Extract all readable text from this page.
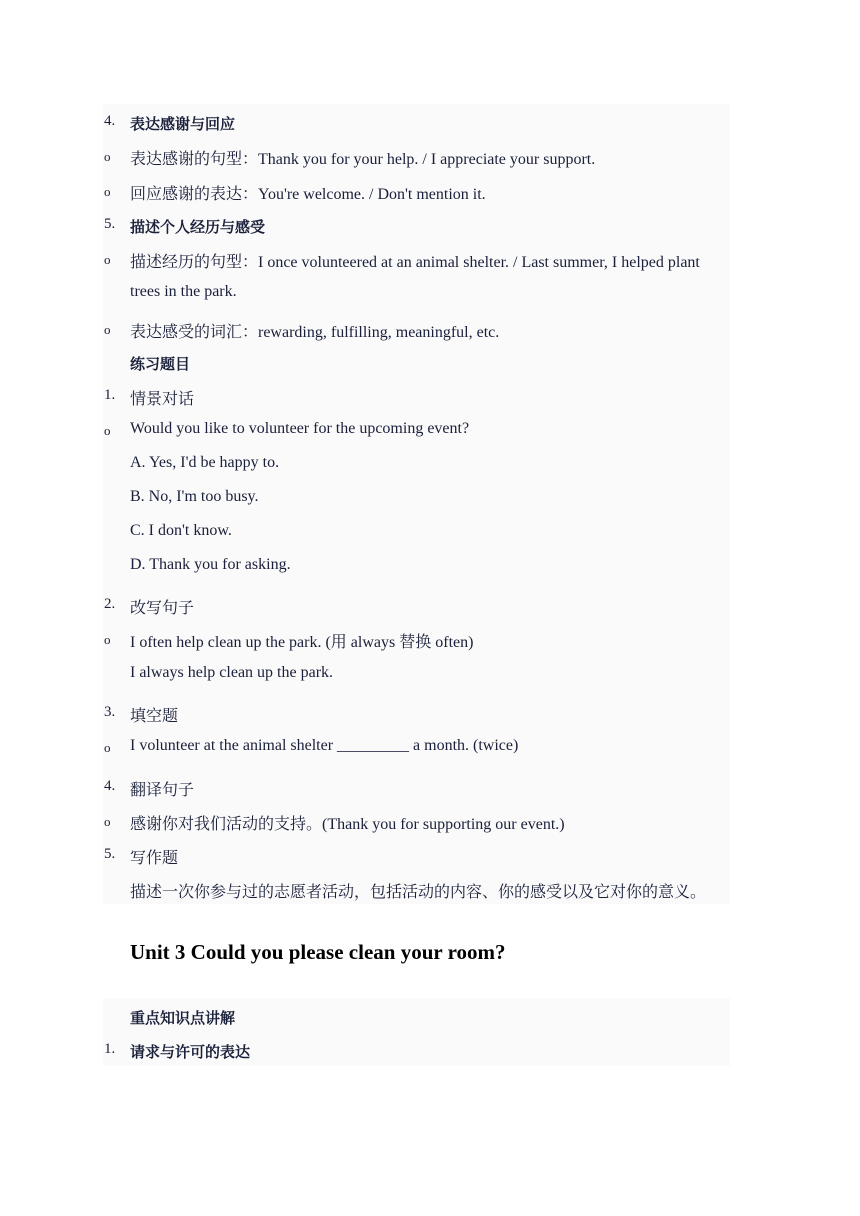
4. 表达感谢与回应
o 表达感谢的句型：Thank you for your help. / I appreciate your support.
o 回应感谢的表达：You're welcome. / Don't mention it.
5. 描述个人经历与感受
o 描述经历的句型：I once volunteered at an animal shelter. / Last summer, I helped plant
trees in the park.
o 表达感受的词汇：rewarding, fulfilling, meaningful, etc.
练习题目
1. 情景对话
o Would you like to volunteer for the upcoming event?
A. Yes, I'd be happy to.
B. No, I'm too busy.
C. I don't know.
D. Thank you for asking.
2. 改写句子
o I often help clean up the park. (用 always 替换 often)
I always help clean up the park.
3. 填空题
o I volunteer at the animal shelter _________ a month. (twice)
4. 翻译句子
o 感谢你对我们活动的支持。(Thank you for supporting our event.)
5. 写作题
描述一次你参与过的志愿者活动，包括活动的内容、你的感受以及它对你的意义。
Unit 3 Could you please clean your room?
重点知识点讲解
1. 请求与许可的表达
